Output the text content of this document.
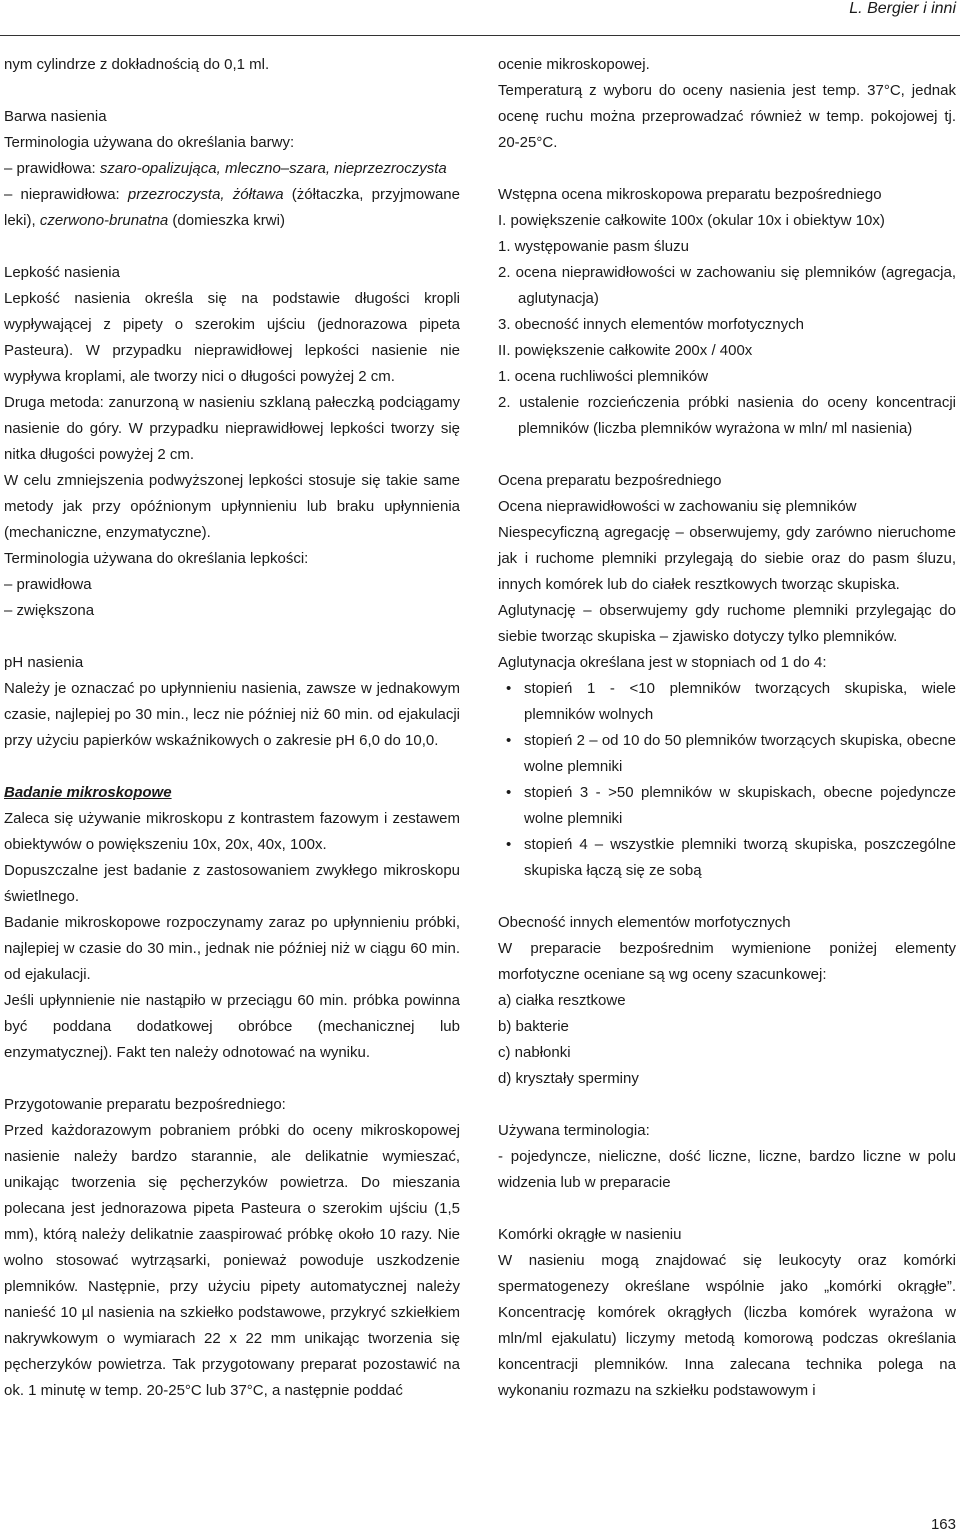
L. Bergier i inni

nym cylindrze z dokładnością do 0,1 ml.

Barwa nasienia

Terminologia używana do określania barwy:

– prawidłowa: szaro-opalizująca, mleczno–szara, nieprzezroczysta

– nieprawidłowa: przezroczysta, żółtawa (żółtaczka, przyjmowane leki), czerwono-brunatna (domieszka krwi)

Lepkość nasienia

Lepkość nasienia określa się na podstawie długości kropli wypływającej z pipety o szerokim ujściu (jednorazowa pipeta Pasteura). W przypadku nieprawidłowej lepkości nasienie nie wypływa kroplami, ale tworzy nici o długości powyżej 2 cm.

Druga metoda: zanurzoną w nasieniu szklaną pałeczką podciągamy nasienie do góry. W przypadku nieprawidłowej lepkości tworzy się nitka długości powyżej 2 cm.

W celu zmniejszenia podwyższonej lepkości stosuje się takie same metody jak przy opóźnionym upłynnieniu lub braku upłynnienia (mechaniczne, enzymatyczne).

Terminologia używana do określania lepkości:

– prawidłowa

– zwiększona

pH nasienia

Należy je oznaczać po upłynnieniu nasienia, zawsze w jednakowym czasie, najlepiej po 30 min., lecz nie później niż 60 min. od ejakulacji przy użyciu papierków wskaźnikowych o zakresie pH 6,0 do 10,0.

Badanie mikroskopowe

Zaleca się używanie mikroskopu z kontrastem fazowym i zestawem obiektywów o powiększeniu 10x, 20x, 40x, 100x.

Dopuszczalne jest badanie z zastosowaniem zwykłego mikroskopu świetlnego.

Badanie mikroskopowe rozpoczynamy zaraz po upłynnieniu próbki, najlepiej w czasie do 30 min., jednak nie później niż w ciągu 60 min. od ejakulacji.

Jeśli upłynnienie nie nastąpiło w przeciągu 60 min. próbka powinna być poddana dodatkowej obróbce (mechanicznej lub enzymatycznej). Fakt ten należy odnotować na wyniku.

Przygotowanie preparatu bezpośredniego:

Przed każdorazowym pobraniem próbki do oceny mikroskopowej nasienie należy bardzo starannie, ale delikatnie wymieszać, unikając tworzenia się pęcherzyków powietrza. Do mieszania polecana jest jednorazowa pipeta Pasteura o szerokim ujściu (1,5 mm), którą należy delikatnie zaaspirować próbkę około 10 razy. Nie wolno stosować wytrząsarki, ponieważ powoduje uszkodzenie plemników. Następnie, przy użyciu pipety automatycznej należy nanieść 10 µl nasienia na szkiełko podstawowe, przykryć szkiełkiem nakrywkowym o wymiarach 22 x 22 mm unikając tworzenia się pęcherzyków powietrza. Tak przygotowany preparat pozostawić na ok. 1 minutę w temp. 20-25°C lub 37°C, a następnie poddać

ocenie mikroskopowej.

Temperaturą z wyboru do oceny nasienia jest temp. 37°C, jednak ocenę ruchu można przeprowadzać również w temp. pokojowej tj. 20-25°C.

Wstępna ocena mikroskopowa preparatu bezpośredniego

I. powiększenie całkowite 100x (okular 10x i obiektyw 10x)

1. występowanie pasm śluzu
2. ocena nieprawidłowości w zachowaniu się plemników (agregacja, aglutynacja)
3. obecność innych elementów morfotycznych

II. powiększenie całkowite 200x / 400x

1. ocena ruchliwości plemników
2. ustalenie rozcieńczenia próbki nasienia do oceny koncentracji plemników (liczba plemników wyrażona w mln/ ml nasienia)

Ocena preparatu bezpośredniego

Ocena nieprawidłowości w zachowaniu się plemników

Niespecyficzną agregację – obserwujemy, gdy zarówno nieruchome jak i ruchome plemniki przylegają do siebie oraz do pasm śluzu, innych komórek lub do ciałek resztkowych tworząc skupiska.

Aglutynację – obserwujemy gdy ruchome plemniki przylegając do siebie tworząc skupiska – zjawisko dotyczy tylko plemników.

Aglutynacja określana jest w stopniach od 1 do 4:

• stopień 1 - <10 plemników tworzących skupiska, wiele plemników wolnych
• stopień 2 – od 10 do 50 plemników tworzących skupiska, obecne wolne plemniki
• stopień 3 - >50 plemników w skupiskach, obecne pojedyncze wolne plemniki
• stopień 4 – wszystkie plemniki tworzą skupiska, poszczególne skupiska łączą się ze sobą

Obecność innych elementów morfotycznych

W preparacie bezpośrednim wymienione poniżej elementy morfotyczne oceniane są wg oceny szacunkowej:

a) ciałka resztkowe
b) bakterie
c) nabłonki
d) kryształy sperminy

Używana terminologia:

- pojedyncze, nieliczne, dość liczne, liczne, bardzo liczne w polu widzenia lub w preparacie

Komórki okrągłe w nasieniu

W nasieniu mogą znajdować się leukocyty oraz komórki spermatogenezy określane wspólnie jako „komórki okrągłe”. Koncentrację komórek okrągłych (liczba komórek wyrażona w mln/ml ejakulatu) liczymy metodą komorową podczas określania koncentracji plemników. Inna zalecana technika polega na wykonaniu rozmazu na szkiełku podstawowym i

163
